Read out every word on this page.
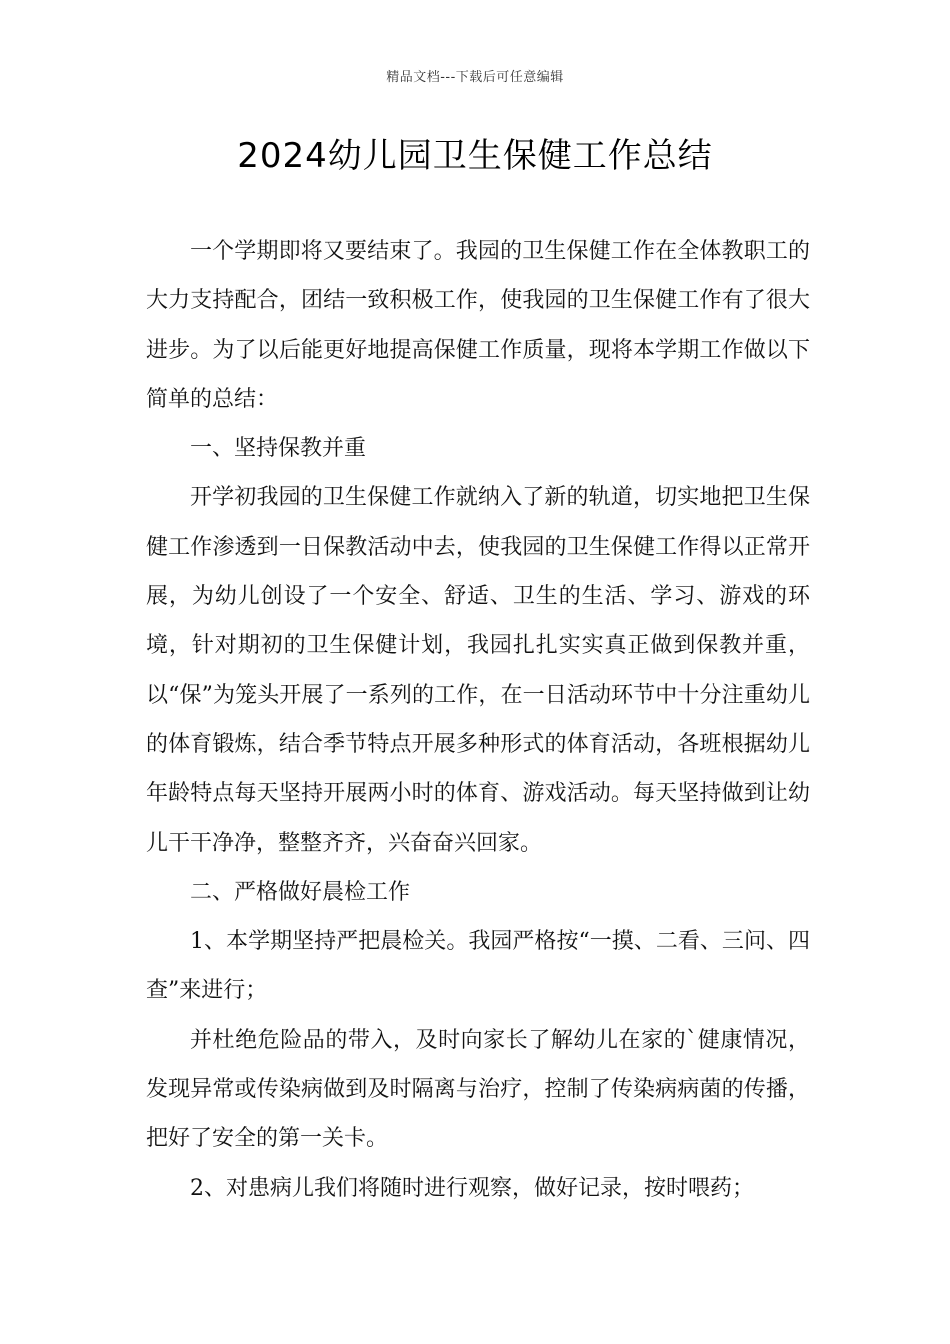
精品文档---下载后可任意编辑
2024幼儿园卫生保健工作总结

一个学期即将又要结束了。我园的卫生保健工作在全体教职工的大力支持配合，团结一致积极工作，使我园的卫生保健工作有了很大进步。为了以后能更好地提高保健工作质量，现将本学期工作做以下简单的总结：

一、坚持保教并重

开学初我园的卫生保健工作就纳入了新的轨道，切实地把卫生保健工作渗透到一日保教活动中去，使我园的卫生保健工作得以正常开展，为幼儿创设了一个安全、舒适、卫生的生活、学习、游戏的环境，针对期初的卫生保健计划，我园扎扎实实真正做到保教并重，以“保”为笼头开展了一系列的工作，在一日活动环节中十分注重幼儿的体育锻炼，结合季节特点开展多种形式的体育活动，各班根据幼儿年龄特点每天坚持开展两小时的体育、游戏活动。每天坚持做到让幼儿干干净净，整整齐齐，兴奋奋兴回家。

二、严格做好晨检工作

1、本学期坚持严把晨检关。我园严格按“一摸、二看、三问、四查”来进行；

并杜绝危险品的带入，及时向家长了解幼儿在家的`健康情况，发现异常或传染病做到及时隔离与治疗，控制了传染病病菌的传播，把好了安全的第一关卡。

2、对患病儿我们将随时进行观察，做好记录，按时喂药；
